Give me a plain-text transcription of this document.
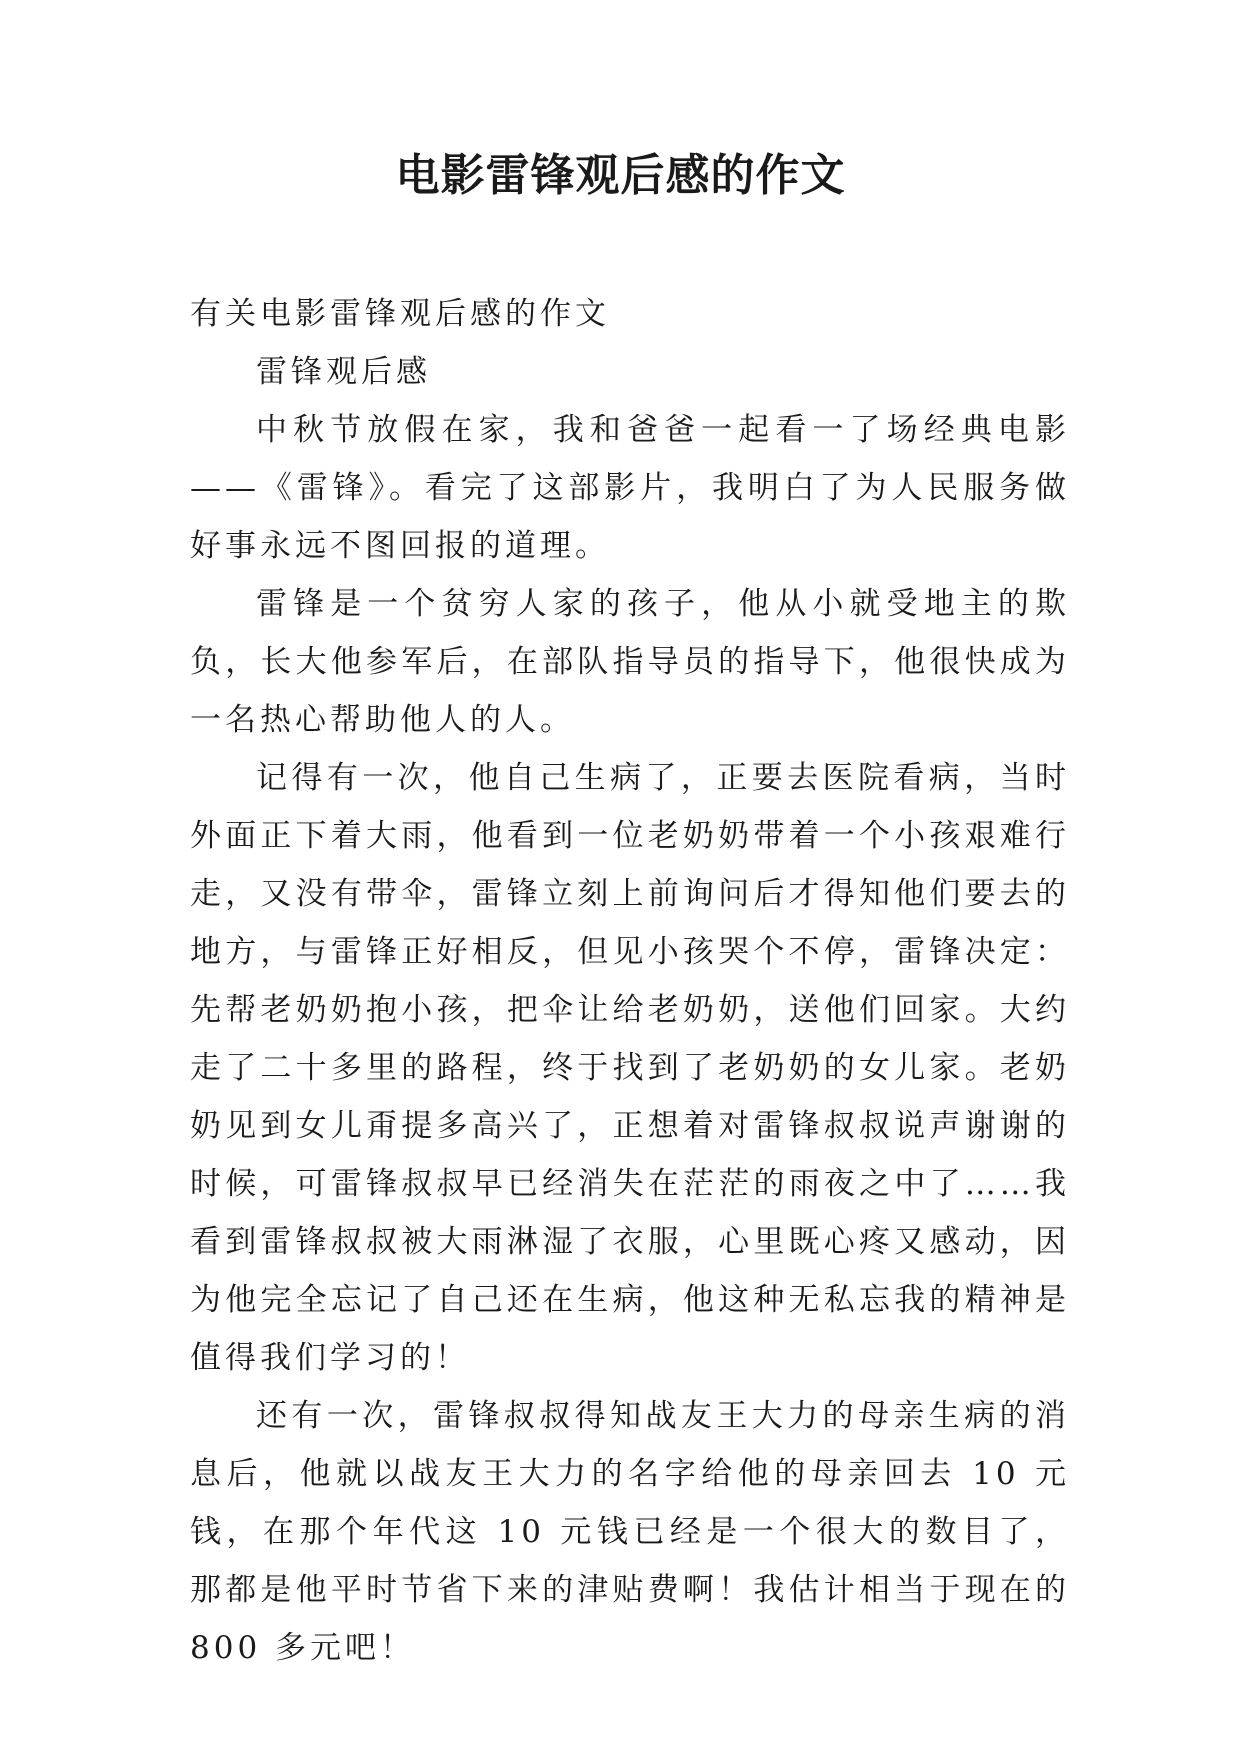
电影雷锋观后感的作文

有关电影雷锋观后感的作文

雷锋观后感

中秋节放假在家，我和爸爸一起看一了场经典电影——《雷锋》。看完了这部影片，我明白了为人民服务做好事永远不图回报的道理。

雷锋是一个贫穷人家的孩子，他从小就受地主的欺负，长大他参军后，在部队指导员的指导下，他很快成为一名热心帮助他人的人。

记得有一次，他自己生病了，正要去医院看病，当时外面正下着大雨，他看到一位老奶奶带着一个小孩艰难行走，又没有带伞，雷锋立刻上前询问后才得知他们要去的地方，与雷锋正好相反，但见小孩哭个不停，雷锋决定：先帮老奶奶抱小孩，把伞让给老奶奶，送他们回家。大约走了二十多里的路程，终于找到了老奶奶的女儿家。老奶奶见到女儿甭提多高兴了，正想着对雷锋叔叔说声谢谢的时候，可雷锋叔叔早已经消失在茫茫的雨夜之中了……我看到雷锋叔叔被大雨淋湿了衣服，心里既心疼又感动，因为他完全忘记了自己还在生病，他这种无私忘我的精神是值得我们学习的！

还有一次，雷锋叔叔得知战友王大力的母亲生病的消息后，他就以战友王大力的名字给他的母亲回去 10 元钱，在那个年代这 10 元钱已经是一个很大的数目了，那都是他平时节省下来的津贴费啊！我估计相当于现在的 800 多元吧！
